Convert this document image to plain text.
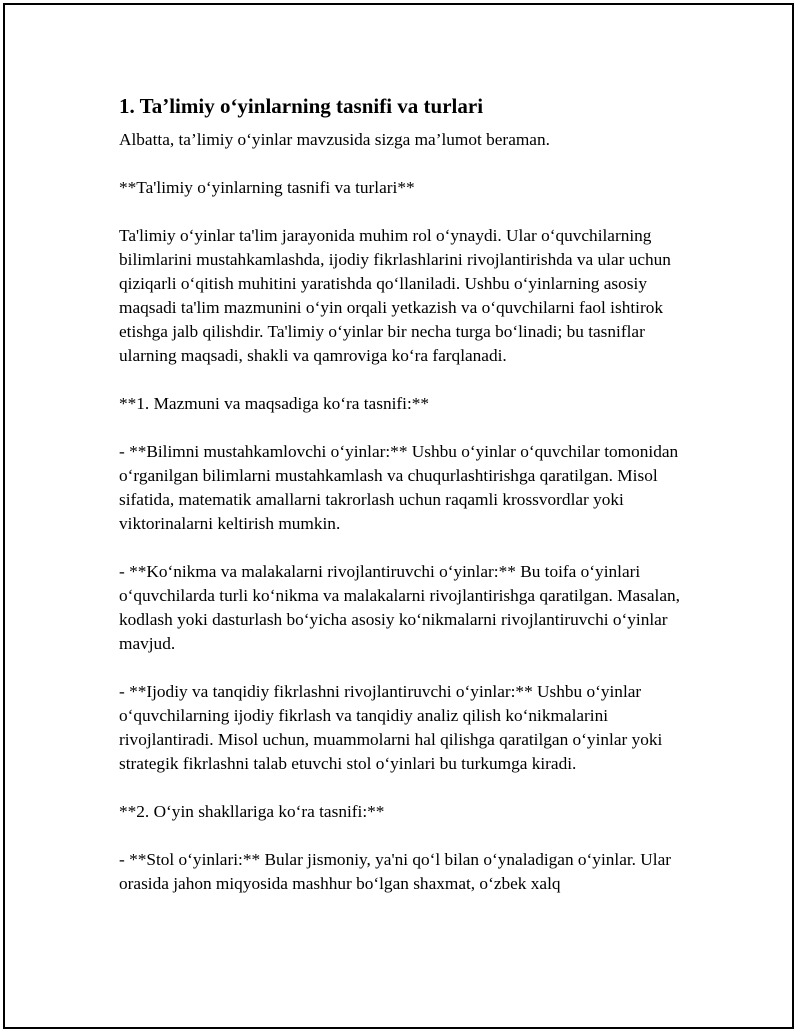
1. Ta’limiy o‘yinlarning tasnifi va turlari

Albatta, ta’limiy o‘yinlar mavzusida sizga ma’lumot beraman.

**Ta'limiy o‘yinlarning tasnifi va turlari**

Ta'limiy o‘yinlar ta'lim jarayonida muhim rol o‘ynaydi. Ular o‘quvchilarning bilimlarini mustahkamlashda, ijodiy fikrlashlarini rivojlantirishda va ular uchun qiziqarli o‘qitish muhitini yaratishda qo‘llaniladi. Ushbu o‘yinlarning asosiy maqsadi ta'lim mazmunini o‘yin orqali yetkazish va o‘quvchilarni faol ishtirok etishga jalb qilishdir. Ta'limiy o‘yinlar bir necha turga bo‘linadi; bu tasniflar ularning maqsadi, shakli va qamroviga ko‘ra farqlanadi.

**1. Mazmuni va maqsadiga ko‘ra tasnifi:**

- **Bilimni mustahkamlovchi o‘yinlar:** Ushbu o‘yinlar o‘quvchilar tomonidan o‘rganilgan bilimlarni mustahkamlash va chuqurlashtirishga qaratilgan. Misol sifatida, matematik amallarni takrorlash uchun raqamli krossvordlar yoki viktorinalarni keltirish mumkin.

- **Ko‘nikma va malakalarni rivojlantiruvchi o‘yinlar:** Bu toifa o‘yinlari o‘quvchilarda turli ko‘nikma va malakalarni rivojlantirishga qaratilgan. Masalan, kodlash yoki dasturlash bo‘yicha asosiy ko‘nikmalarni rivojlantiruvchi o‘yinlar mavjud.

- **Ijodiy va tanqidiy fikrlashni rivojlantiruvchi o‘yinlar:** Ushbu o‘yinlar o‘quvchilarning ijodiy fikrlash va tanqidiy analiz qilish ko‘nikmalarini rivojlantiradi. Misol uchun, muammolarni hal qilishga qaratilgan o‘yinlar yoki strategik fikrlashni talab etuvchi stol o‘yinlari bu turkumga kiradi.

**2. O‘yin shakllariga ko‘ra tasnifi:**

- **Stol o‘yinlari:** Bular jismoniy, ya'ni qo‘l bilan o‘ynaladigan o‘yinlar. Ular orasida jahon miqyosida mashhur bo‘lgan shaxmat, o‘zbek xalq
